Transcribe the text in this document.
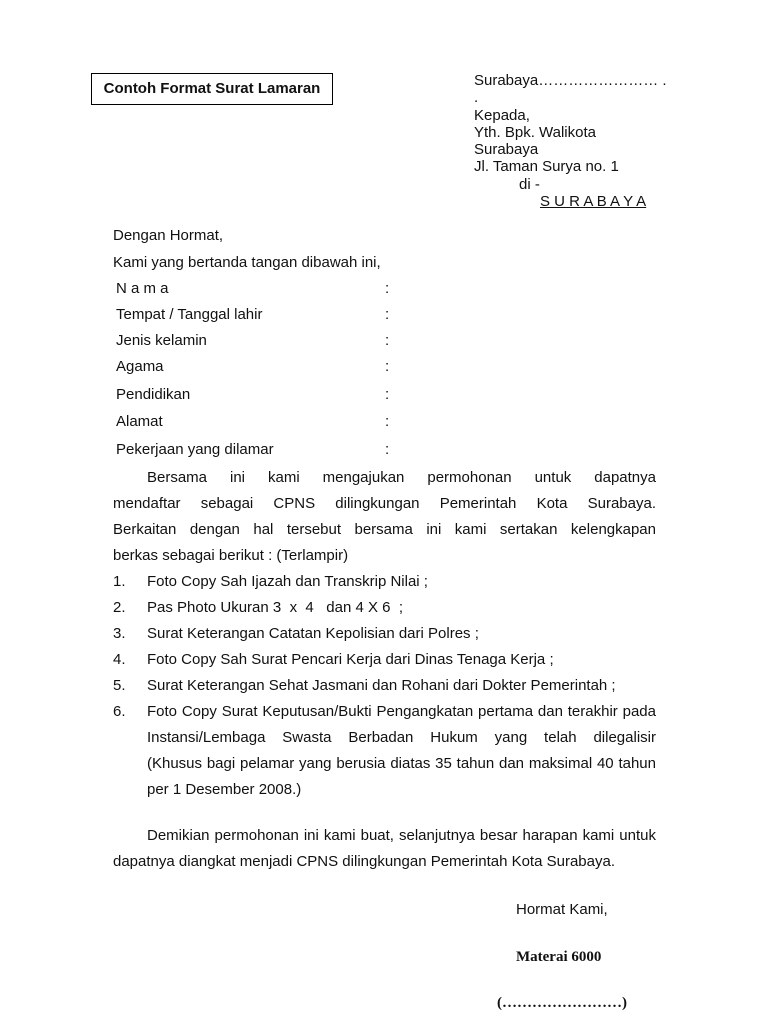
Contoh Format Surat Lamaran	Surabaya…………………… .
.
Kepada,
Yth. Bpk. Walikota
Surabaya
Jl. Taman Surya no. 1
di -
S U R A B A Y A
Dengan Hormat,
Kami yang bertanda tangan dibawah ini,
N a m a	:
Tempat / Tanggal lahir	:
Jenis kelamin	:
Agama	:
Pendidikan	:
Alamat	:
Pekerjaan yang dilamar	:
Bersama ini kami mengajukan permohonan untuk dapatnya
mendaftar sebagai CPNS dilingkungan Pemerintah Kota Surabaya.
Berkaitan dengan hal tersebut bersama ini kami sertakan kelengkapan
berkas sebagai berikut : (Terlampir)
1. Foto Copy Sah Ijazah dan Transkrip Nilai ;
2. Pas Photo Ukuran 3  x  4   dan 4 X 6  ;
3. Surat Keterangan Catatan Kepolisian dari Polres ;
4. Foto Copy Sah Surat Pencari Kerja dari Dinas Tenaga Kerja ;
5. Surat Keterangan Sehat Jasmani dan Rohani dari Dokter Pemerintah ;
6. Foto Copy Surat Keputusan/Bukti Pengangkatan pertama dan terakhir pada
Instansi/Lembaga Swasta Berbadan Hukum yang telah dilegalisir
(Khusus bagi pelamar yang berusia diatas 35 tahun dan maksimal 40 tahun
per 1 Desember 2008.)
Demikian permohonan ini kami buat, selanjutnya besar harapan kami untuk
dapatnya diangkat menjadi CPNS dilingkungan Pemerintah Kota Surabaya.
Hormat Kami,
Materai 6000
(……………………)
